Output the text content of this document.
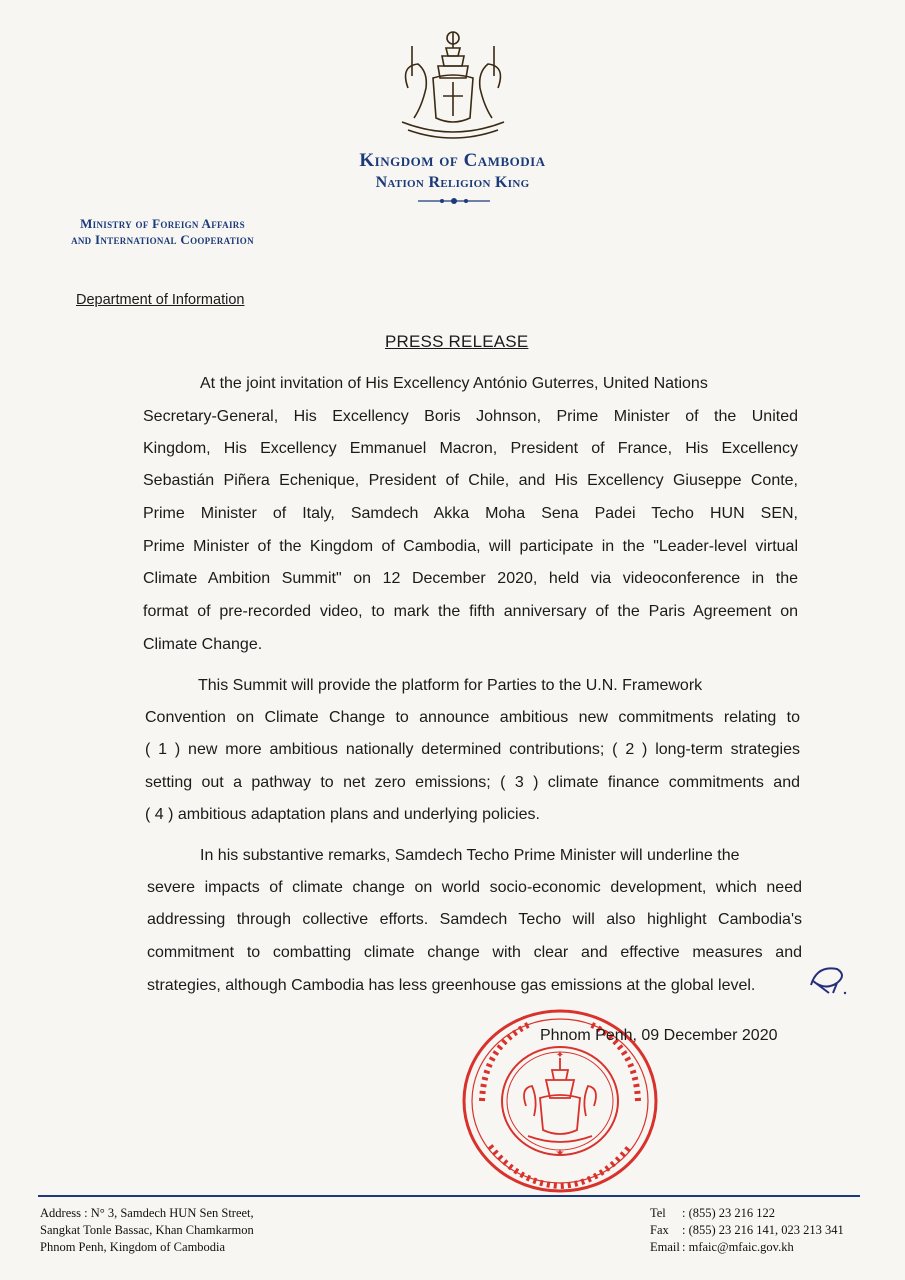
Kingdom of Cambodia
Nation Religion King
Ministry of Foreign Affairs
and International Cooperation
Department of Information
PRESS RELEASE
At the joint invitation of His Excellency António Guterres, United Nations
Secretary-General, His Excellency Boris Johnson, Prime Minister of the United
Kingdom, His Excellency Emmanuel Macron, President of France, His Excellency
Sebastián Piñera Echenique, President of Chile, and His Excellency Giuseppe Conte,
Prime Minister of Italy, Samdech Akka Moha Sena Padei Techo HUN SEN,
Prime Minister of the Kingdom of Cambodia, will participate in the "Leader-level virtual
Climate Ambition Summit" on 12 December 2020, held via videoconference in the
format of pre-recorded video, to mark the fifth anniversary of the Paris Agreement on
Climate Change.
This Summit will provide the platform for Parties to the U.N. Framework
Convention on Climate Change to announce ambitious new commitments relating to
( 1 ) new more ambitious nationally determined contributions; ( 2 ) long-term strategies
setting out a pathway to net zero emissions; ( 3 ) climate finance commitments and
( 4 ) ambitious adaptation plans and underlying policies.
In his substantive remarks, Samdech Techo Prime Minister will underline the
severe impacts of climate change on world socio-economic development, which need
addressing through collective efforts. Samdech Techo will also highlight Cambodia's
commitment to combatting climate change with clear and effective measures and
strategies, although Cambodia has less greenhouse gas emissions at the global level.
✦
★
Phnom Penh, 09 December 2020
Address : N° 3, Samdech HUN Sen Street,
Sangkat Tonle Bassac, Khan Chamkarmon
Phnom Penh, Kingdom of Cambodia
Tel : (855) 23 216 122
Fax : (855) 23 216 141, 023 213 341
Email : mfaic@mfaic.gov.kh
